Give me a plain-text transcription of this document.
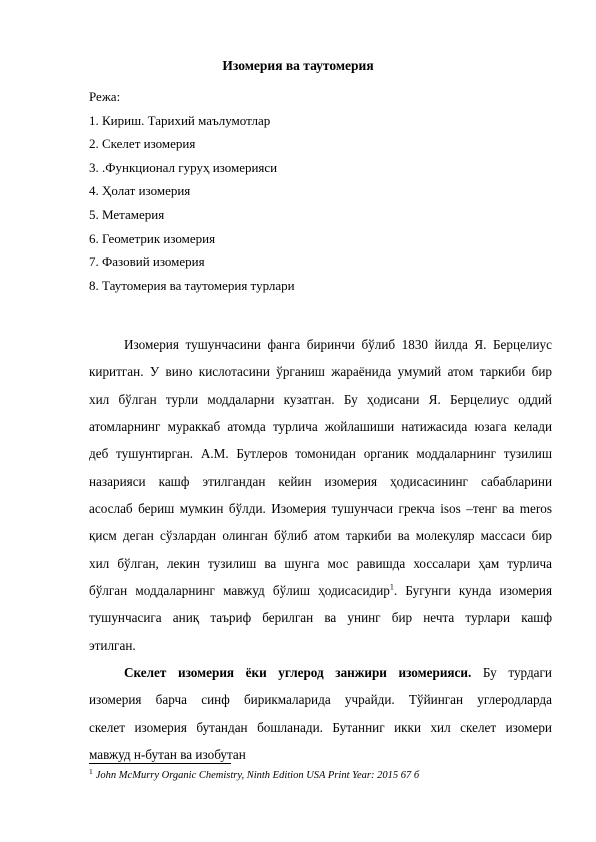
Изомерия ва таутомерия
Режа:
1. Кириш. Тарихий маълумотлар
2. Скелет изомерия
3. .Функционал гуруҳ изомерияси
4. Ҳолат изомерия
5. Метамерия
6. Геометрик изомерия
7. Фазовий изомерия
8. Таутомерия ва таутомерия турлари
Изомерия тушунчасини фанга биринчи бўлиб 1830 йилда Я. Берцелиус
киритган. У вино кислотасини ўрганиш жараёнида умумий атом таркиби бир
хил бўлган турли моддаларни кузатган. Бу ҳодисани Я. Берцелиус оддий
атомларнинг мураккаб атомда турлича жойлашиши натижасида юзага келади
деб тушунтирган. А.М. Бутлеров томонидан органик моддаларнинг тузилиш
назарияси кашф этилгандан кейин изомерия ҳодисасининг сабабларини
асослаб бериш мумкин бўлди. Изомерия тушунчаси грекча isos –тенг ва meros
қисм деган сўзлардан олинган бўлиб атом таркиби ва молекуляр массаси бир
хил бўлган, лекин тузилиш ва шунга мос равишда хоссалари ҳам турлича
бўлган моддаларнинг мавжуд бўлиш ҳодисасидир$^1$. Бугунги кунда изомерия
тушунчасига аниқ таъриф берилган ва унинг бир нечта турлари кашф
этилган.
Скелет изомерия ёки углерод занжири изомерияси. Бу турдаги
изомерия барча синф бирикмаларида учрайди. Тўйинган углеродларда
скелет изомерия бутандан бошланади. Бутанниг икки хил скелет изомери
мавжуд н-бутан ва изобутан
$^1$ John McMurry Organic Chemistry, Ninth Edition USA Print Year: 2015 67 б
